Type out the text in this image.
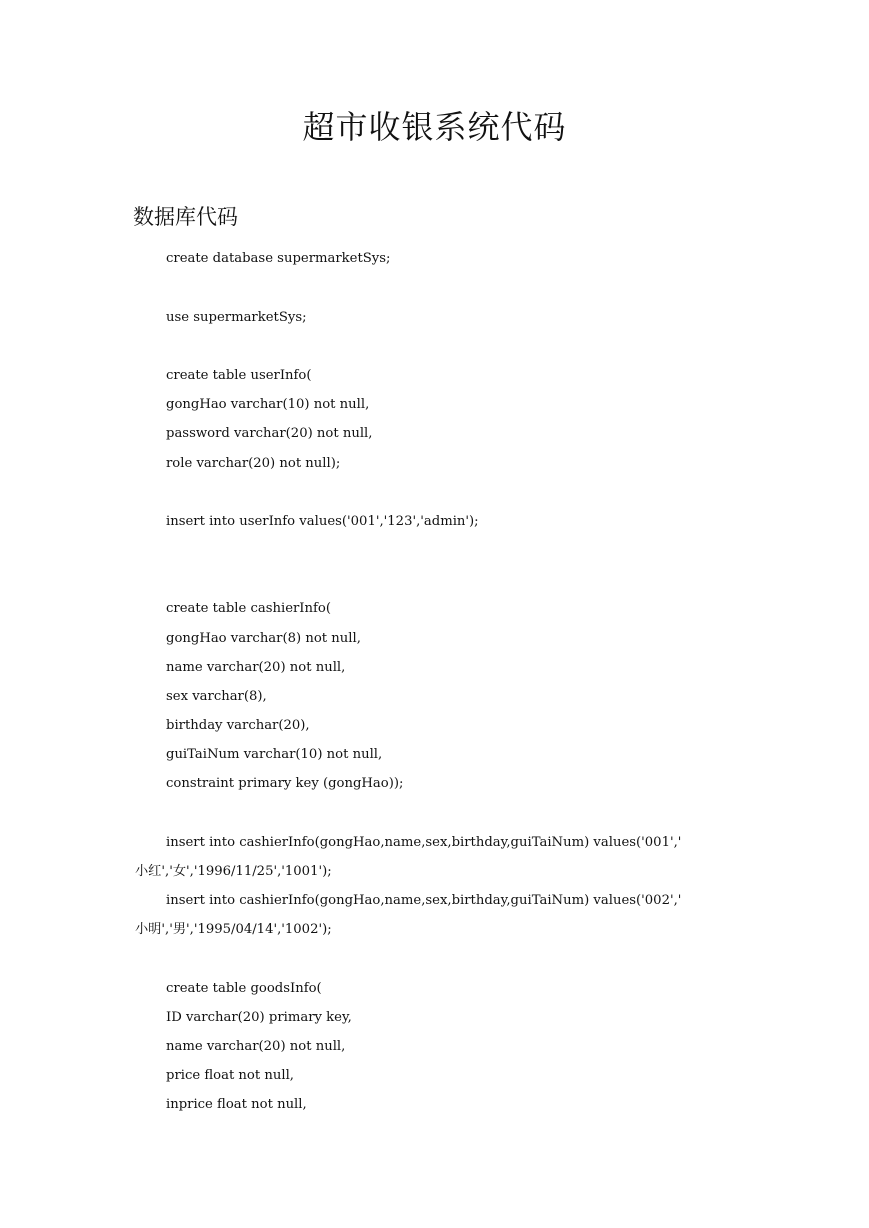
超市收银系统代码
数据库代码
create database supermarketSys;
use supermarketSys;
create table userInfo(
gongHao varchar(10) not null,
password varchar(20) not null,
role varchar(20) not null);
insert into userInfo values('001','123','admin');
create table cashierInfo(
gongHao varchar(8) not null,
name varchar(20) not null,
sex varchar(8),
birthday varchar(20),
guiTaiNum varchar(10) not null,
constraint primary key (gongHao));
insert into cashierInfo(gongHao,name,sex,birthday,guiTaiNum) values('001','
小红','女','1996/11/25','1001');
insert into cashierInfo(gongHao,name,sex,birthday,guiTaiNum) values('002','
小明','男','1995/04/14','1002');
create table goodsInfo(
ID varchar(20) primary key,
name varchar(20) not null,
price float not null,
inprice float not null,
